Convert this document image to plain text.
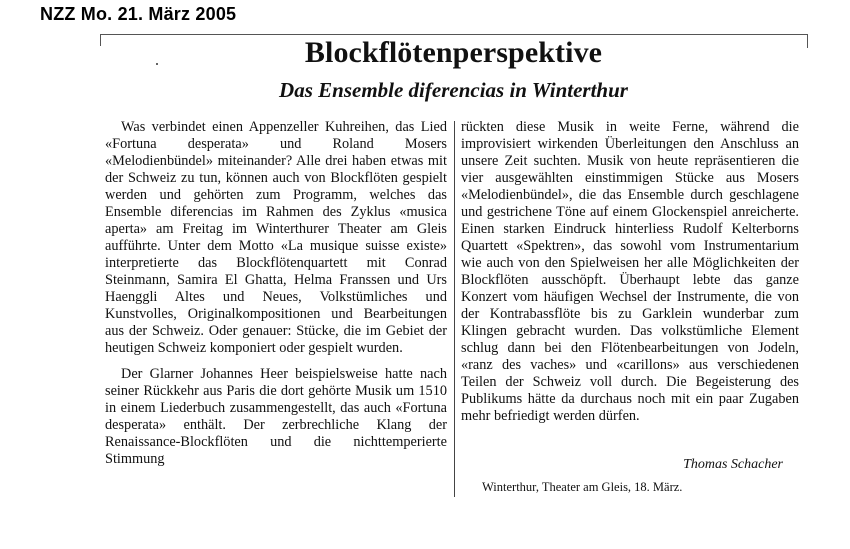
NZZ Mo. 21. März 2005
Blockflötenperspektive
Das Ensemble diferencias in Winterthur

Was verbindet einen Appenzeller Kuhreihen, das Lied «Fortuna desperata» und Roland Mosers «Melodienbündel» miteinander? Alle drei haben etwas mit der Schweiz zu tun, können auch von Blockflöten gespielt werden und gehörten zum Programm, welches das Ensemble diferencias im Rahmen des Zyklus «musica aperta» am Freitag im Winterthurer Theater am Gleis aufführte. Unter dem Motto «La musique suisse existe» interpretierte das Blockflötenquartett mit Conrad Steinmann, Samira El Ghatta, Helma Franssen und Urs Haenggli Altes und Neues, Volkstümliches und Kunstvolles, Originalkompositionen und Bearbeitungen aus der Schweiz. Oder genauer: Stücke, die im Gebiet der heutigen Schweiz komponiert oder gespielt wurden.

Der Glarner Johannes Heer beispielsweise hatte nach seiner Rückkehr aus Paris die dort gehörte Musik um 1510 in einem Liederbuch zusammengestellt, das auch «Fortuna desperata» enthält. Der zerbrechliche Klang der Renaissance-Blockflöten und die nichttemperierte Stimmung

rückten diese Musik in weite Ferne, während die improvisiert wirkenden Überleitungen den Anschluss an unsere Zeit suchten. Musik von heute repräsentieren die vier ausgewählten einstimmigen Stücke aus Mosers «Melodienbündel», die das Ensemble durch geschlagene und gestrichene Töne auf einem Glockenspiel anreicherte. Einen starken Eindruck hinterliess Rudolf Kelterborns Quartett «Spektren», das sowohl vom Instrumentarium wie auch von den Spielweisen her alle Möglichkeiten der Blockflöten ausschöpft. Überhaupt lebte das ganze Konzert vom häufigen Wechsel der Instrumente, die von der Kontrabassflöte bis zu Garklein wunderbar zum Klingen gebracht wurden. Das volkstümliche Element schlug dann bei den Flötenbearbeitungen von Jodeln, «ranz des vaches» und «carillons» aus verschiedenen Teilen der Schweiz voll durch. Die Begeisterung des Publikums hätte da durchaus noch mit ein paar Zugaben mehr befriedigt werden dürfen.

Thomas Schacher
Winterthur, Theater am Gleis, 18. März.
